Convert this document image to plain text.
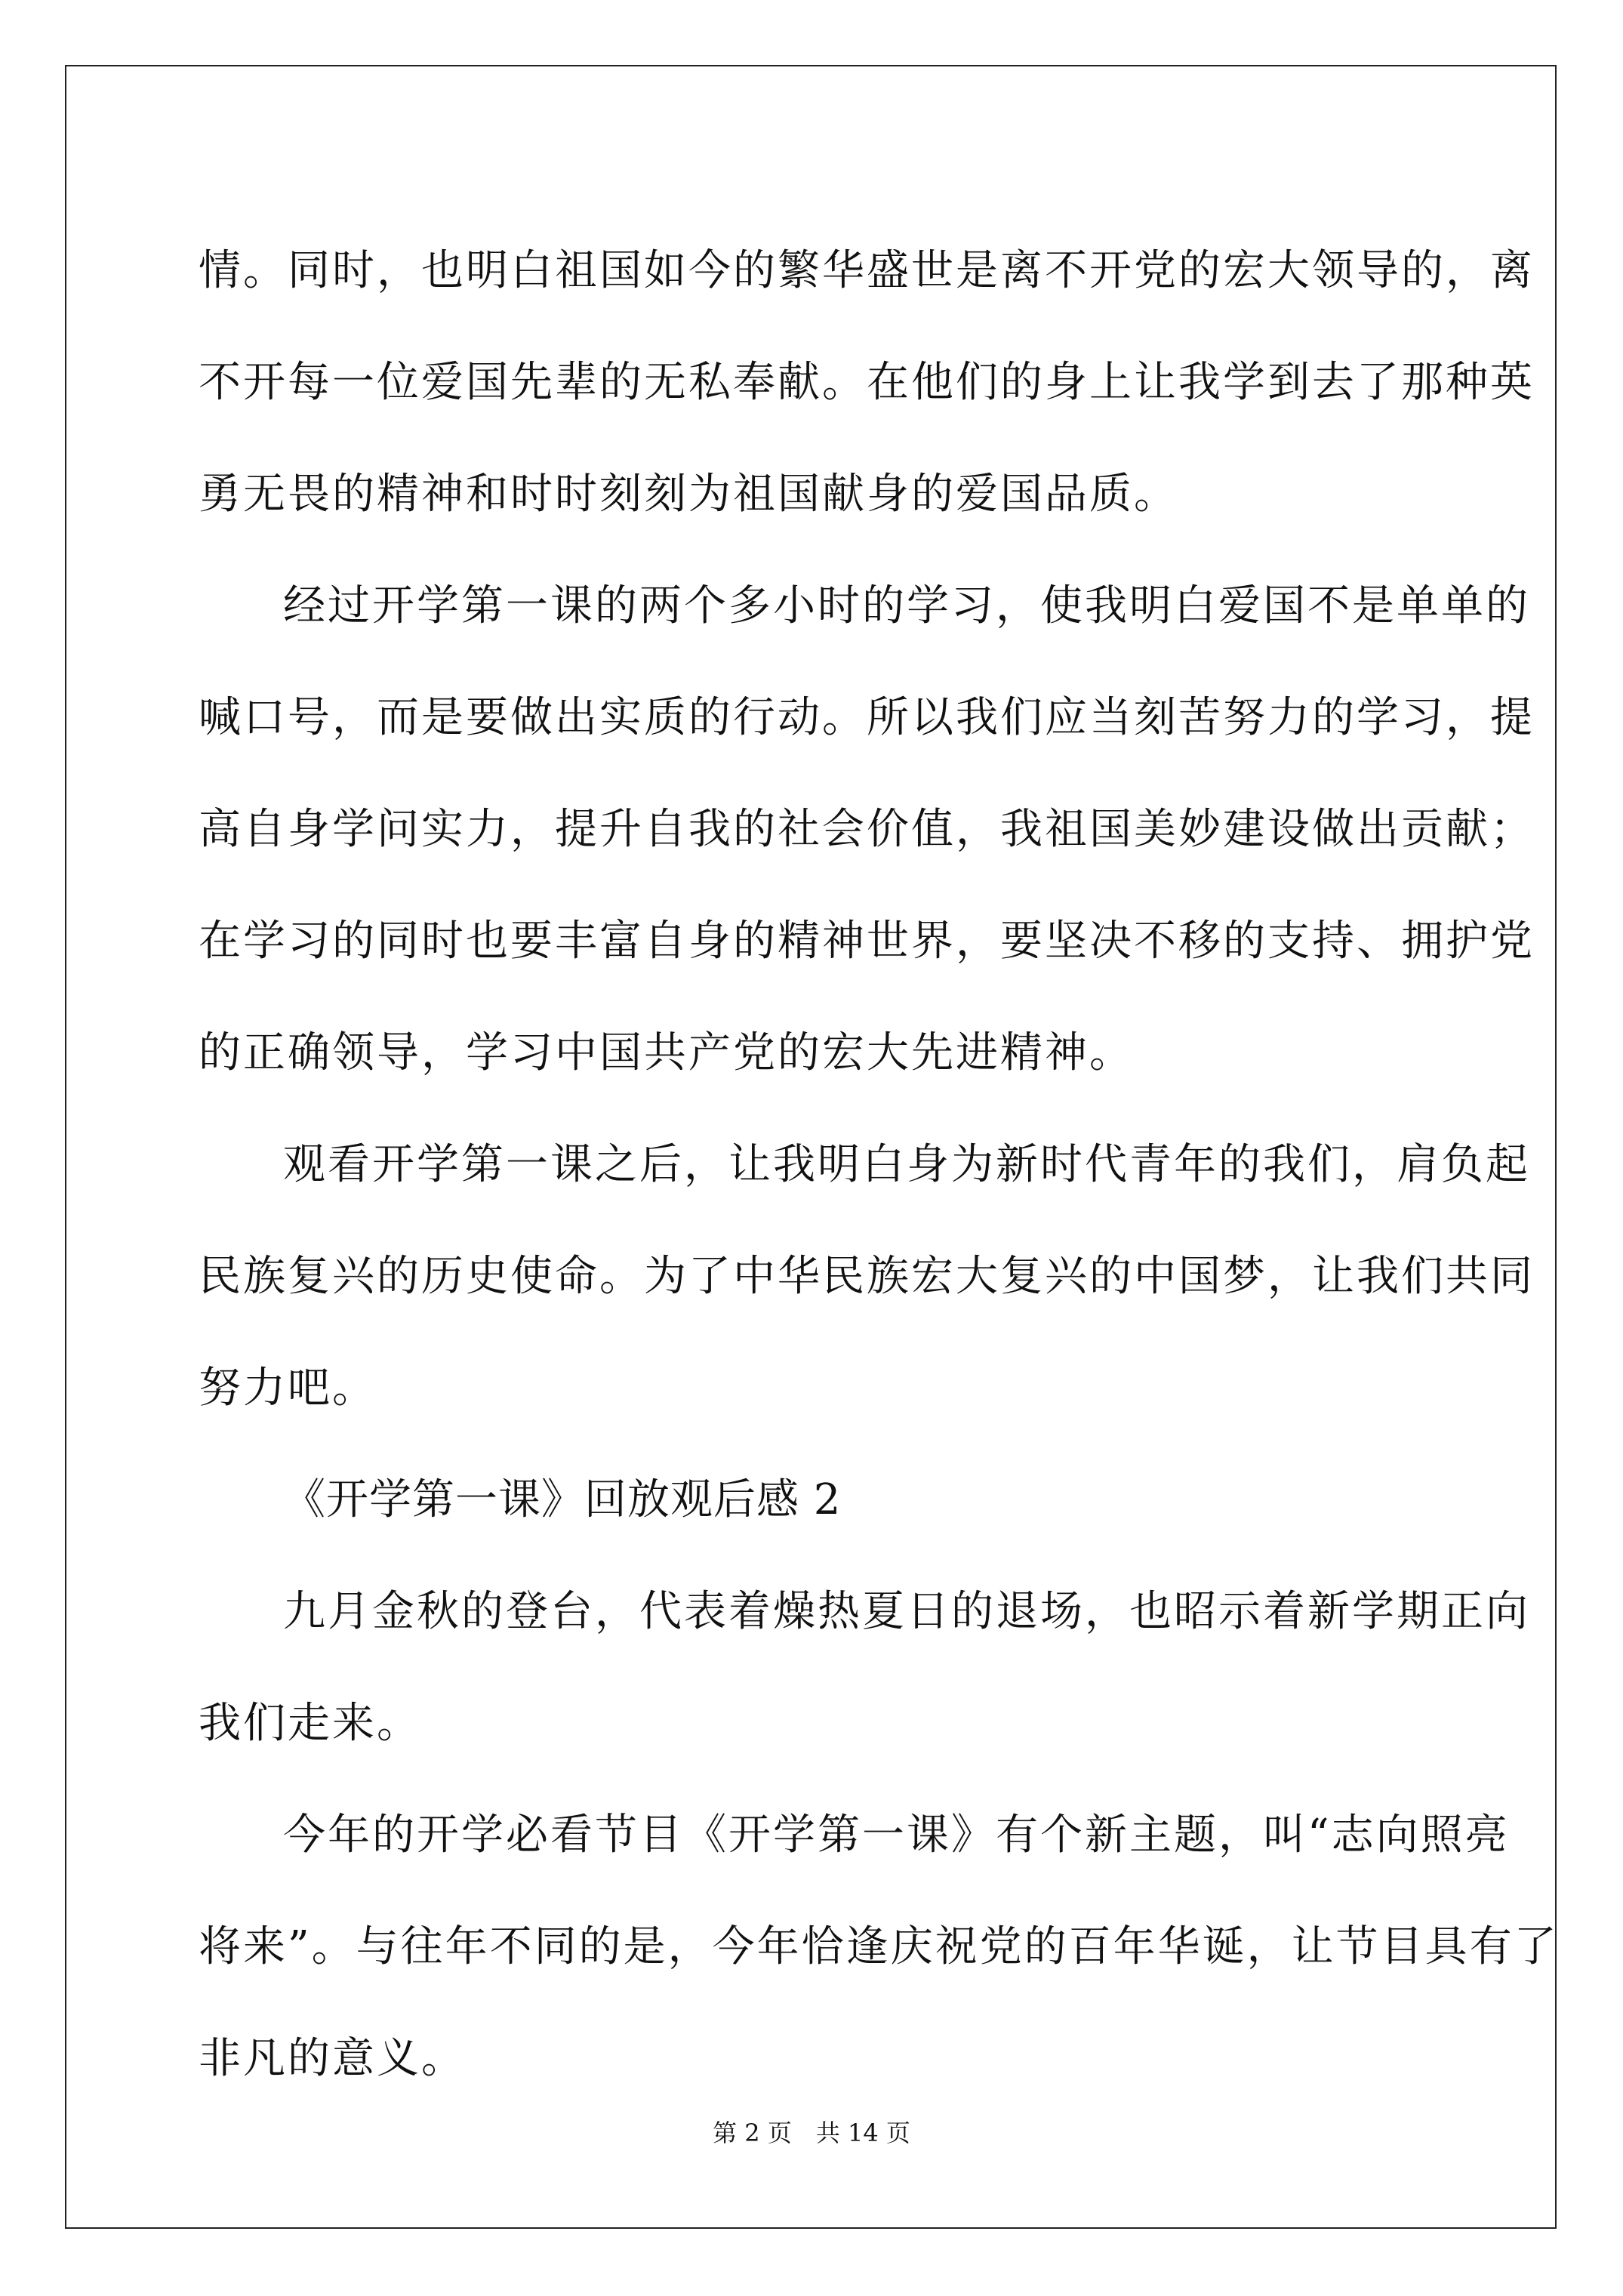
情。同时，也明白祖国如今的繁华盛世是离不开党的宏大领导的，离
不开每一位爱国先辈的无私奉献。在他们的身上让我学到去了那种英
勇无畏的精神和时时刻刻为祖国献身的爱国品质。
经过开学第一课的两个多小时的学习，使我明白爱国不是单单的
喊口号，而是要做出实质的行动。所以我们应当刻苦努力的学习，提
高自身学问实力，提升自我的社会价值，我祖国美妙建设做出贡献；
在学习的同时也要丰富自身的精神世界，要坚决不移的支持、拥护党
的正确领导，学习中国共产党的宏大先进精神。
观看开学第一课之后，让我明白身为新时代青年的我们，肩负起
民族复兴的历史使命。为了中华民族宏大复兴的中国梦，让我们共同
努力吧。
《开学第一课》回放观后感 2
九月金秋的登台，代表着燥热夏日的退场，也昭示着新学期正向
我们走来。
今年的开学必看节目《开学第一课》有个新主题，叫“志向照亮
将来”。与往年不同的是，今年恰逢庆祝党的百年华诞，让节目具有了
非凡的意义。
第 2 页　共 14 页
